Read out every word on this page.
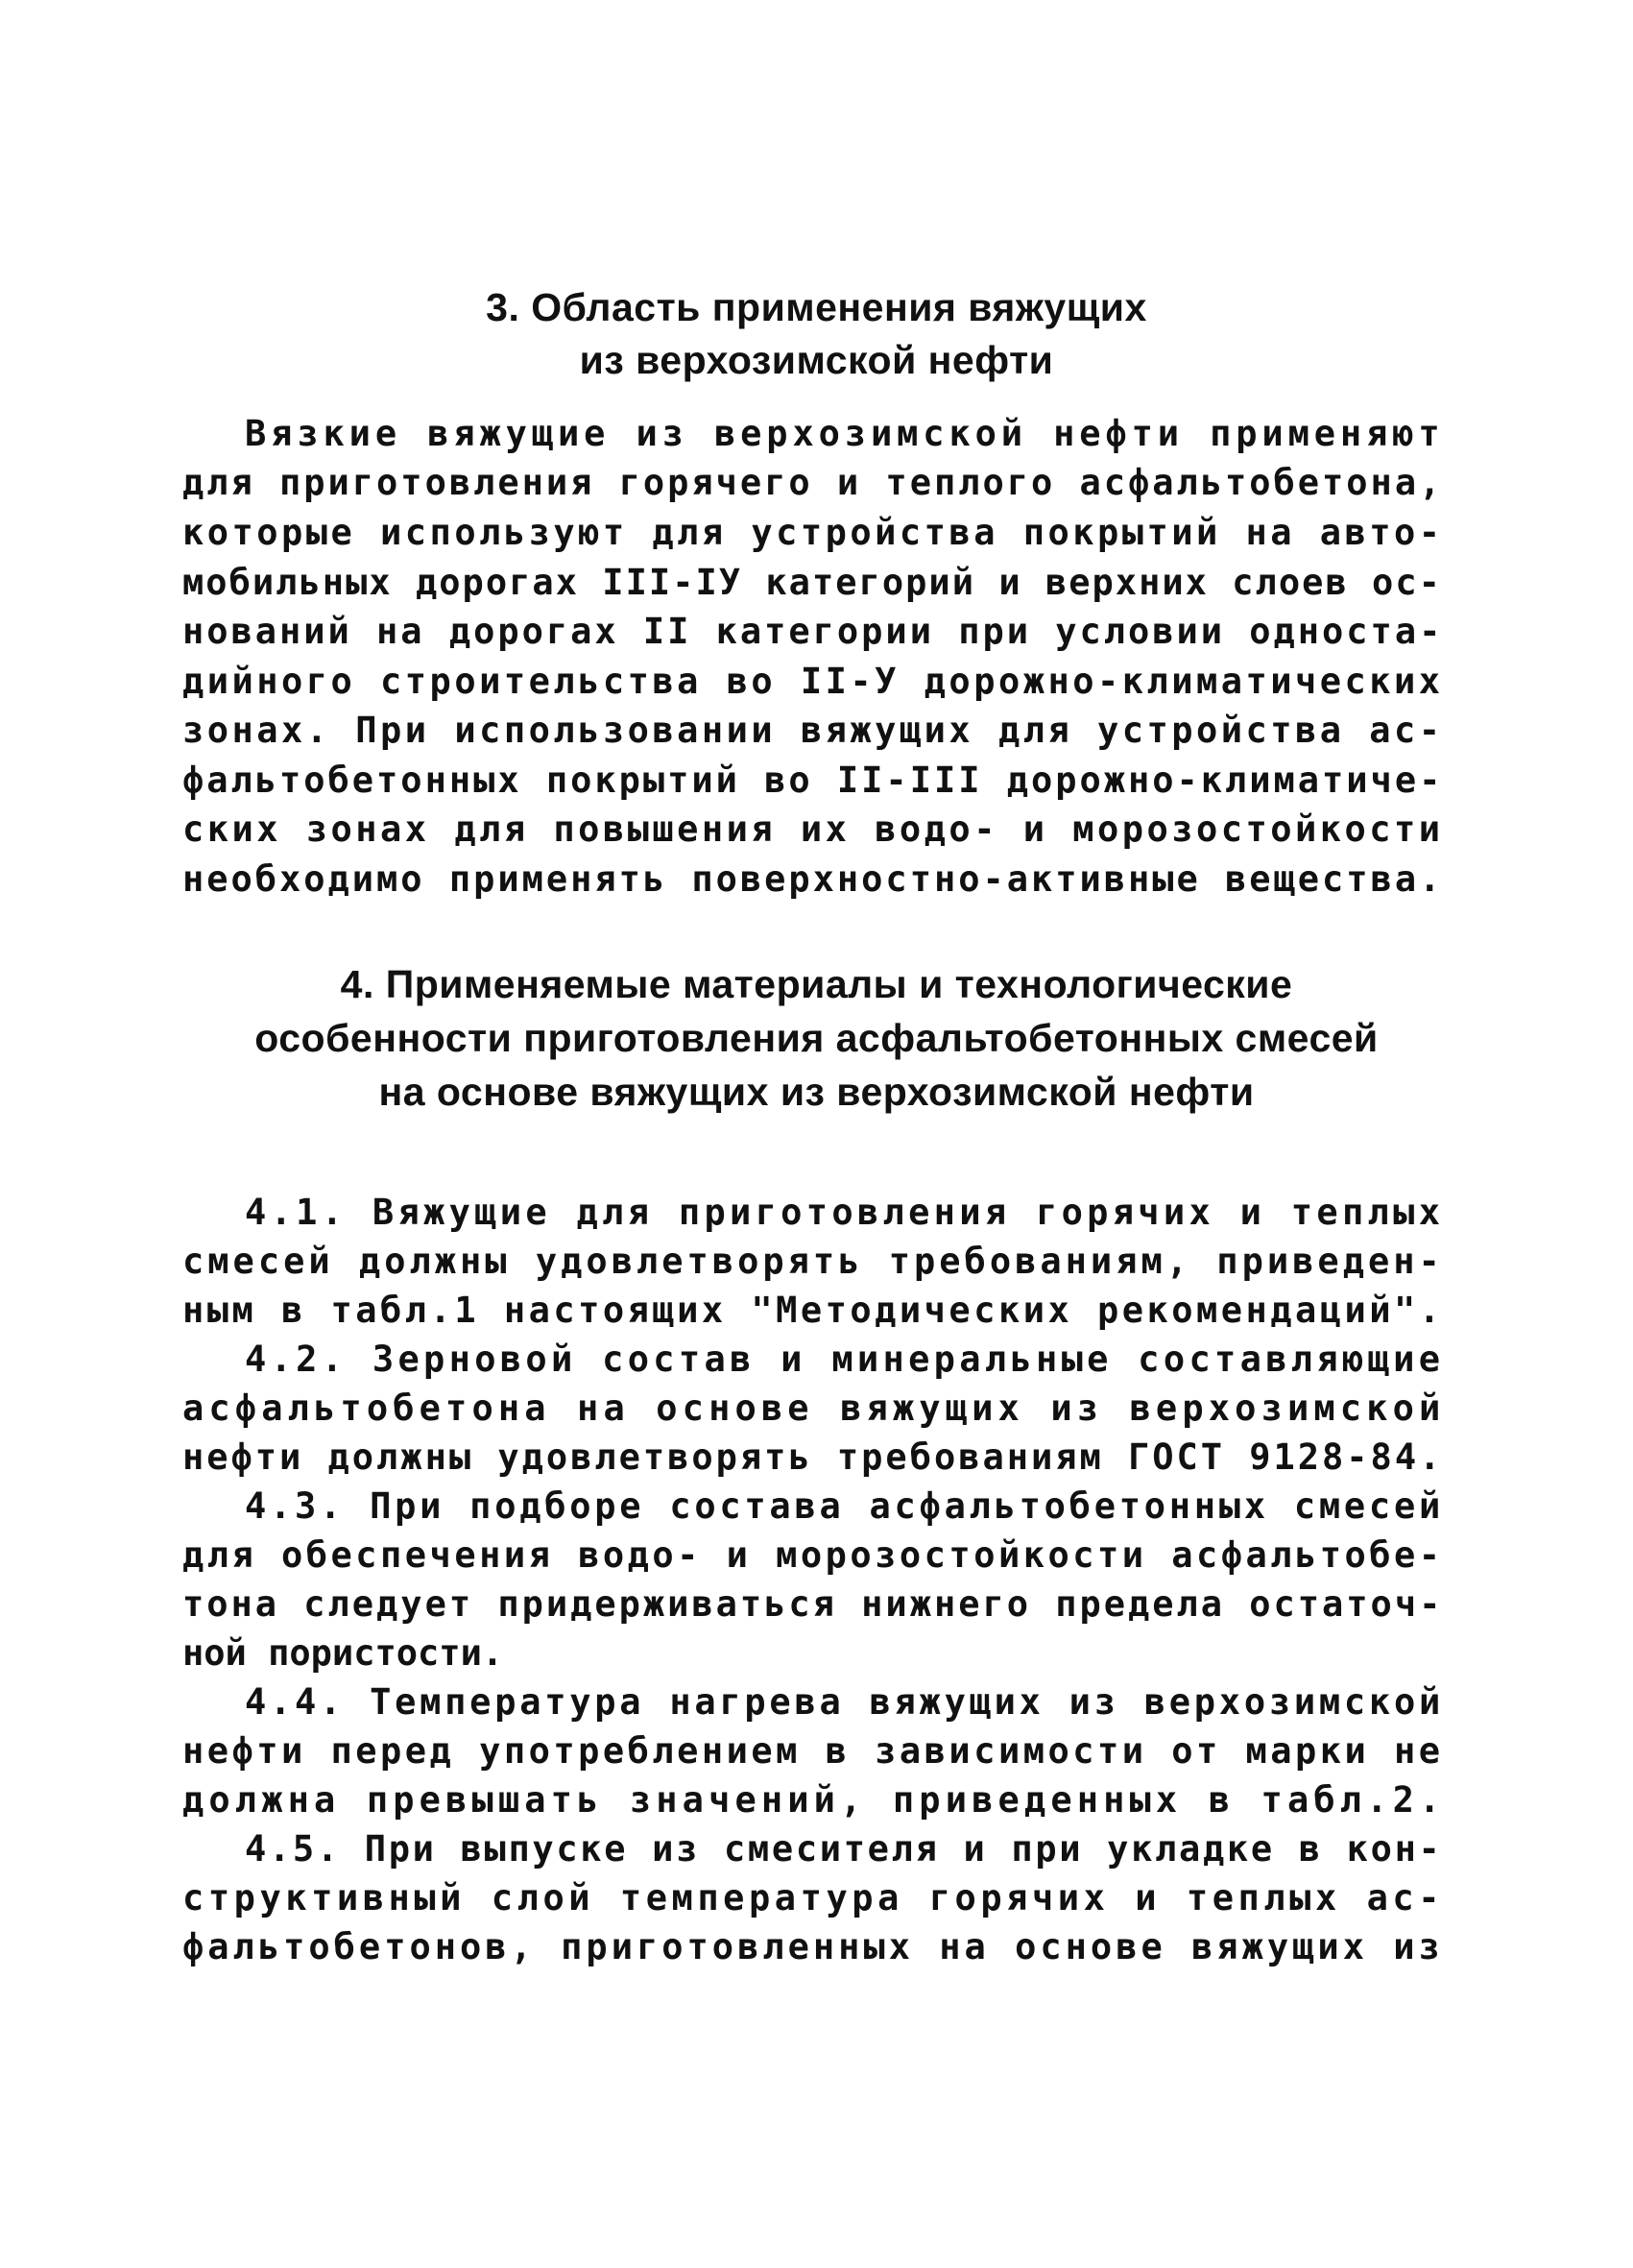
3. Область применения вяжущих
из верхозимской нефти
Вязкие вяжущие из верхозимской нефти применяют
для приготовления горячего и теплого асфальтобетона,
которые используют для устройства покрытий на авто-
мобильных дорогах III-IУ категорий и верхних слоев ос-
нований на дорогах II категории при условии односта-
дийного строительства во II-У дорожно-климатических
зонах. При использовании вяжущих для устройства ас-
фальтобетонных покрытий во II-III дорожно-климатиче-
ских зонах для повышения их водо- и морозостойкости
необходимо применять поверхностно-активные вещества.
4. Применяемые материалы и технологические
особенности приготовления асфальтобетонных смесей
на основе вяжущих из верхозимской нефти
4.1. Вяжущие для приготовления горячих и теплых
смесей должны удовлетворять требованиям, приведен-
ным в табл.1 настоящих "Методических рекомендаций".
4.2. Зерновой состав и минеральные составляющие
асфальтобетона на основе вяжущих из верхозимской
нефти должны удовлетворять требованиям ГОСТ 9128-84.
4.3. При подборе состава асфальтобетонных смесей
для обеспечения водо- и морозостойкости асфальтобе-
тона следует придерживаться нижнего предела остаточ-
ной пористости.
4.4. Температура нагрева вяжущих из верхозимской
нефти перед употреблением в зависимости от марки не
должна превышать значений, приведенных в табл.2.
4.5. При выпуске из смесителя и при укладке в кон-
структивный слой температура горячих и теплых ас-
фальтобетонов, приготовленных на основе вяжущих из
